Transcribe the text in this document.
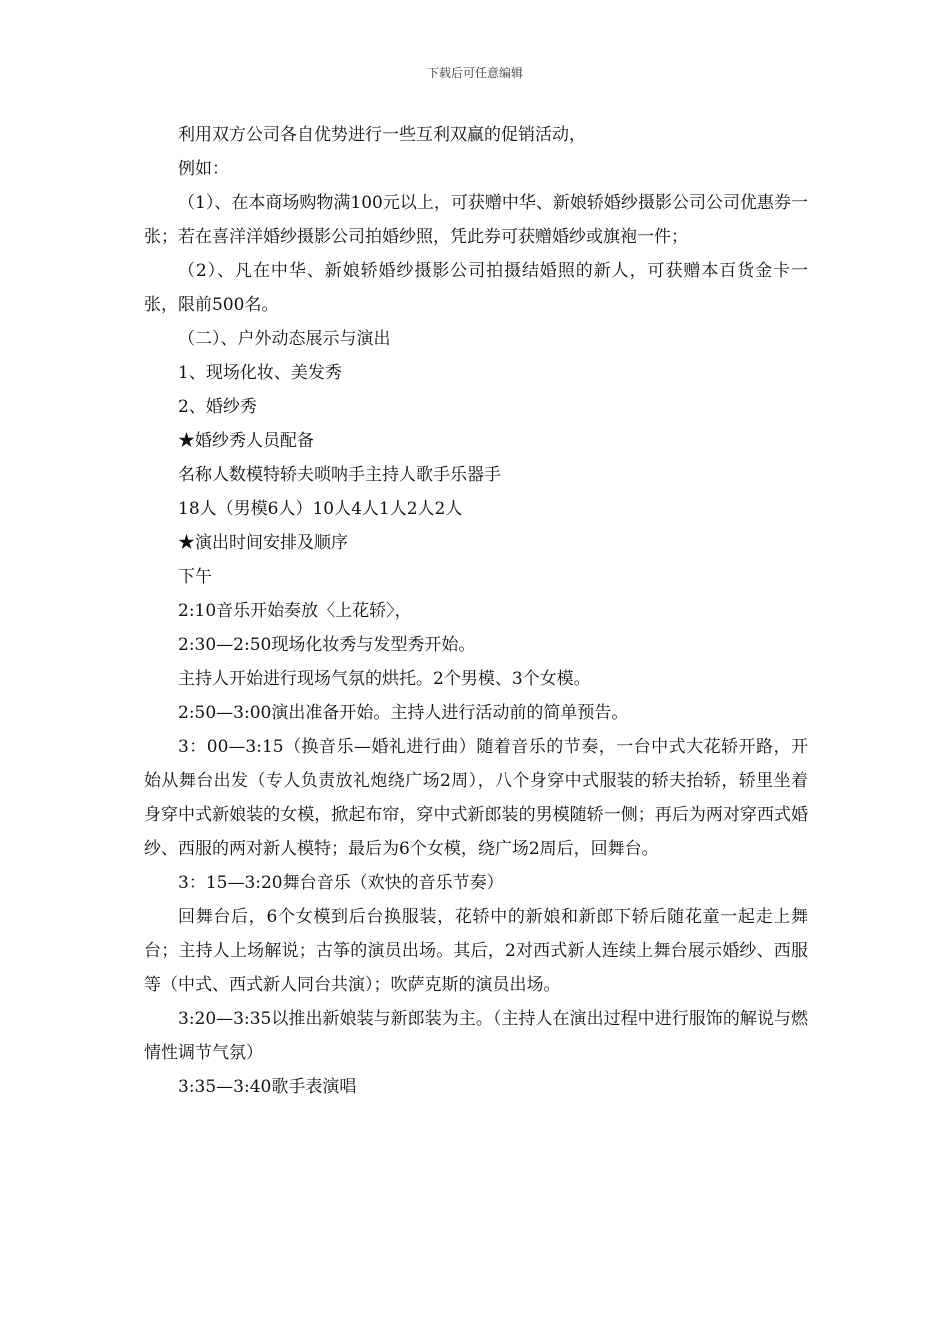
下载后可任意编辑

利用双方公司各自优势进行一些互利双赢的促销活动，

例如：

（1）、在本商场购物满100元以上，可获赠中华、新娘轿婚纱摄影公司公司优惠券一张；若在喜洋洋婚纱摄影公司拍婚纱照，凭此券可获赠婚纱或旗袍一件；

（2）、凡在中华、新娘轿婚纱摄影公司拍摄结婚照的新人，可获赠本百货金卡一张，限前500名。

（二）、户外动态展示与演出

1、现场化妆、美发秀

2、婚纱秀

★婚纱秀人员配备

名称人数模特轿夫唢呐手主持人歌手乐器手

18人（男模6人）10人4人1人2人2人

★演出时间安排及顺序

下午

2:10音乐开始奏放〈上花轿〉，

2:30—2:50现场化妆秀与发型秀开始。

主持人开始进行现场气氛的烘托。2个男模、3个女模。

2:50—3:00演出准备开始。主持人进行活动前的简单预告。

3：00—3:15（换音乐—婚礼进行曲）随着音乐的节奏，一台中式大花轿开路，开始从舞台出发（专人负责放礼炮绕广场2周），八个身穿中式服装的轿夫抬轿，轿里坐着身穿中式新娘装的女模，掀起布帘，穿中式新郎装的男模随轿一侧；再后为两对穿西式婚纱、西服的两对新人模特；最后为6个女模，绕广场2周后，回舞台。

3：15—3:20舞台音乐（欢快的音乐节奏）

回舞台后，6个女模到后台换服装，花轿中的新娘和新郎下轿后随花童一起走上舞台；主持人上场解说；古筝的演员出场。其后，2对西式新人连续上舞台展示婚纱、西服等（中式、西式新人同台共演）；吹萨克斯的演员出场。

3:20—3:35以推出新娘装与新郎装为主。（主持人在演出过程中进行服饰的解说与燃情性调节气氛）

3:35—3:40歌手表演唱
